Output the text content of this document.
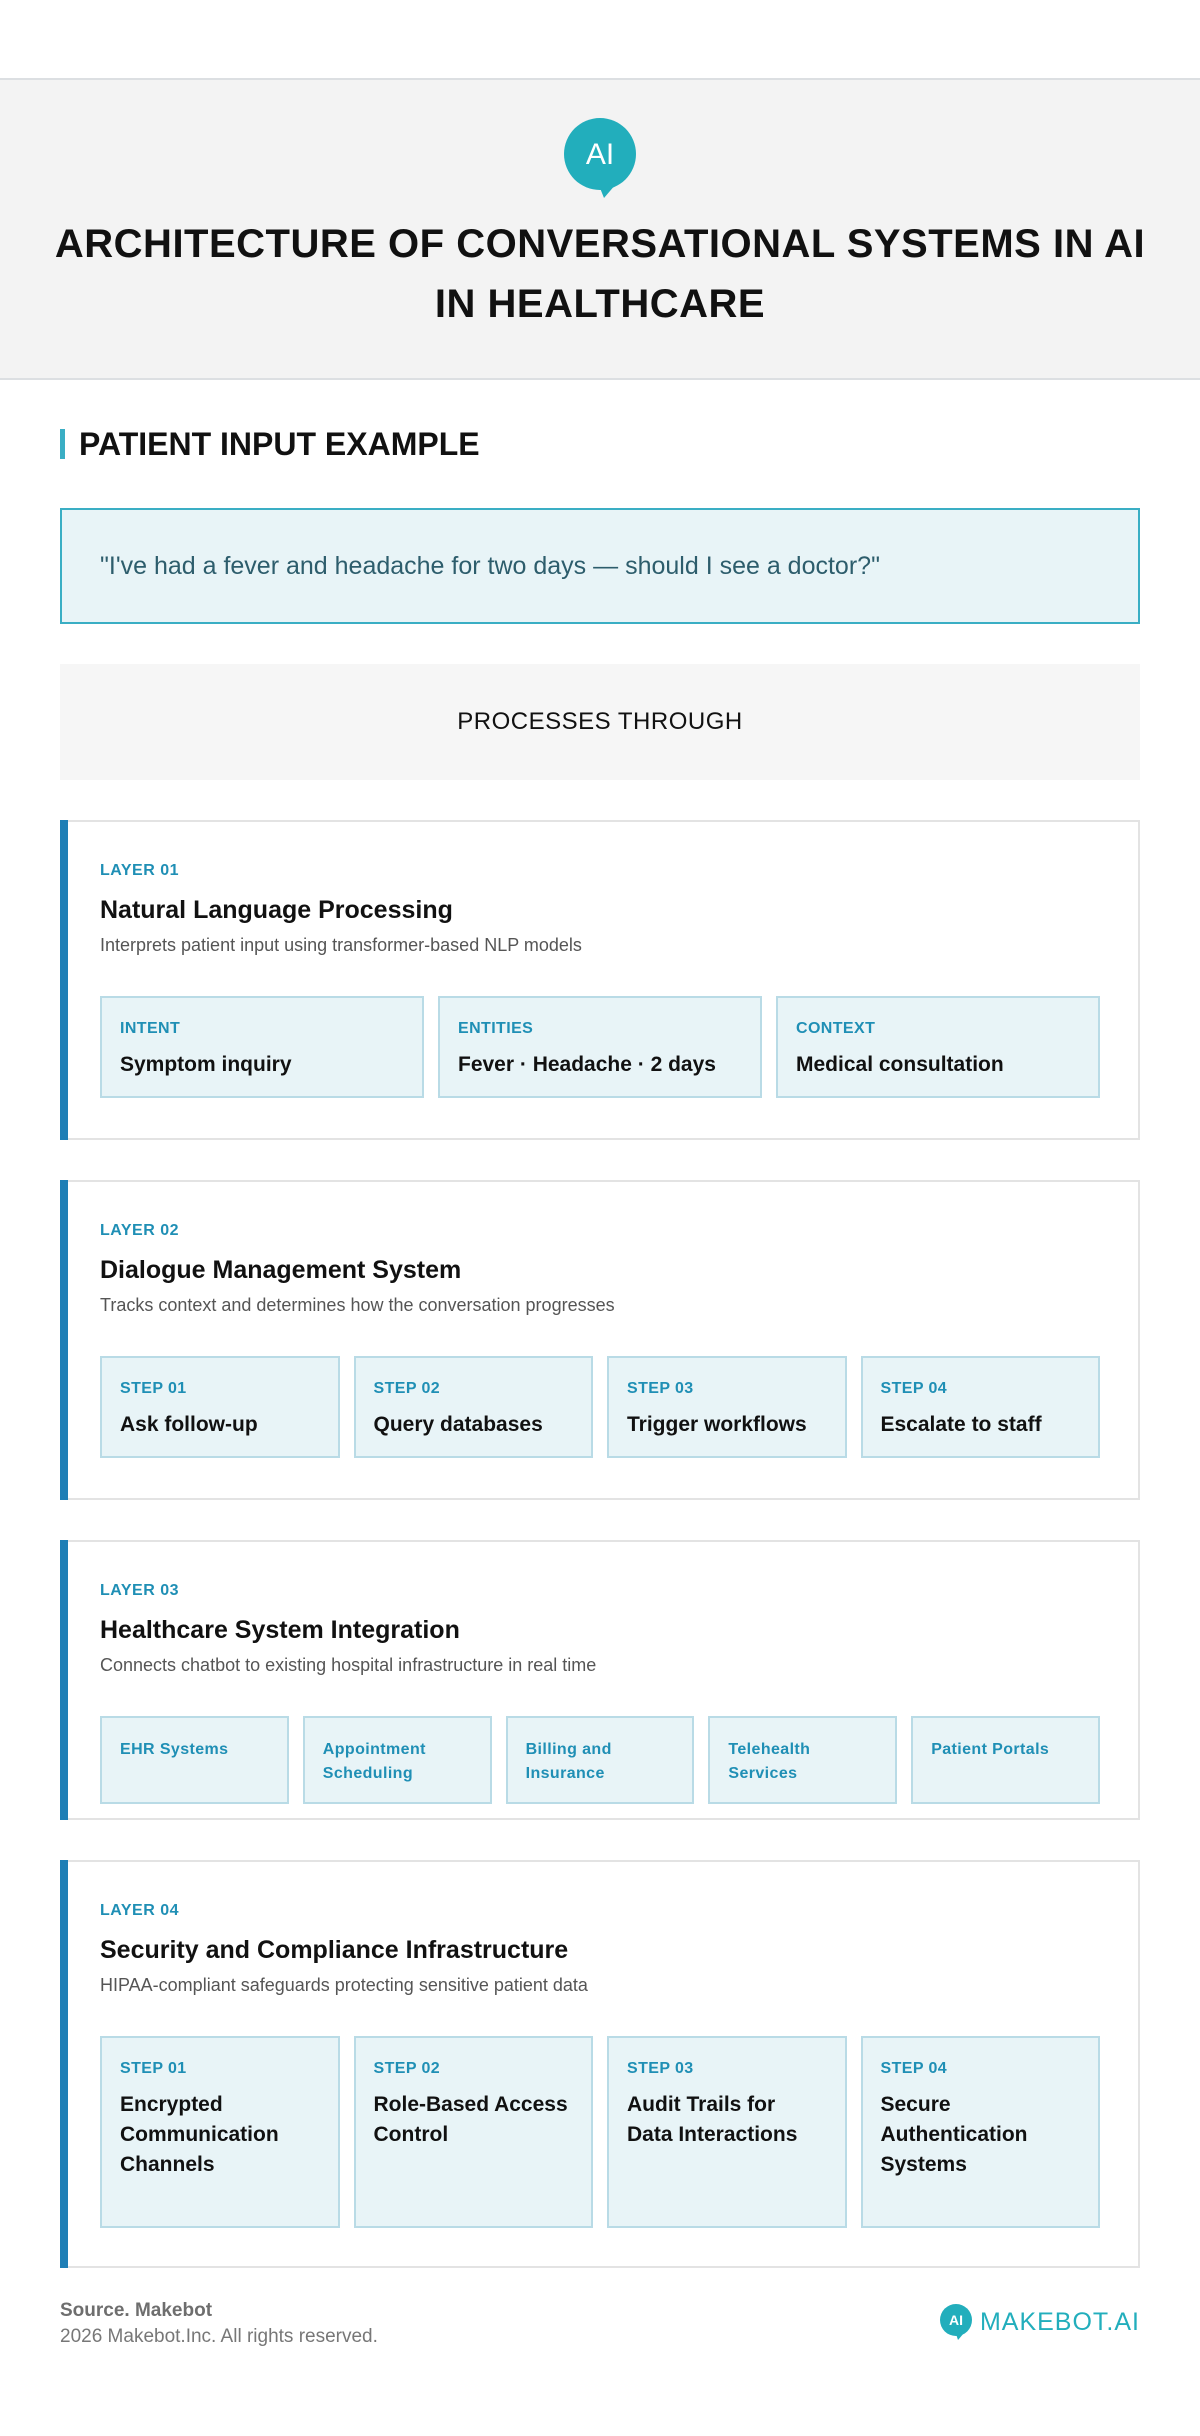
AI
ARCHITECTURE OF CONVERSATIONAL SYSTEMS IN AI IN HEALTHCARE
PATIENT INPUT EXAMPLE

"I've had a fever and headache for two days — should I see a doctor?"

PROCESSES THROUGH
LAYER 01
Natural Language Processing
Interprets patient input using transformer-based NLP models
INTENT
Symptom inquiry
ENTITIES
Fever · Headache · 2 days
CONTEXT
Medical consultation
LAYER 02
Dialogue Management System
Tracks context and determines how the conversation progresses
STEP 01
Ask follow-up
STEP 02
Query databases
STEP 03
Trigger workflows
STEP 04
Escalate to staff
LAYER 03
Healthcare System Integration
Connects chatbot to existing hospital infrastructure in real time
EHR Systems	Appointment Scheduling
Billing and Insurance
Telehealth Services
Patient Portals
LAYER 04
Security and Compliance Infrastructure
HIPAA-compliant safeguards protecting sensitive patient data
STEP 01
Encrypted Communication Channels
STEP 02
Role-Based Access Control
STEP 03
Audit Trails for Data Interactions
STEP 04
Secure Authentication Systems
Source. Makebot
2026 Makebot.Inc. All rights reserved.
AI MAKEBOT.AI
